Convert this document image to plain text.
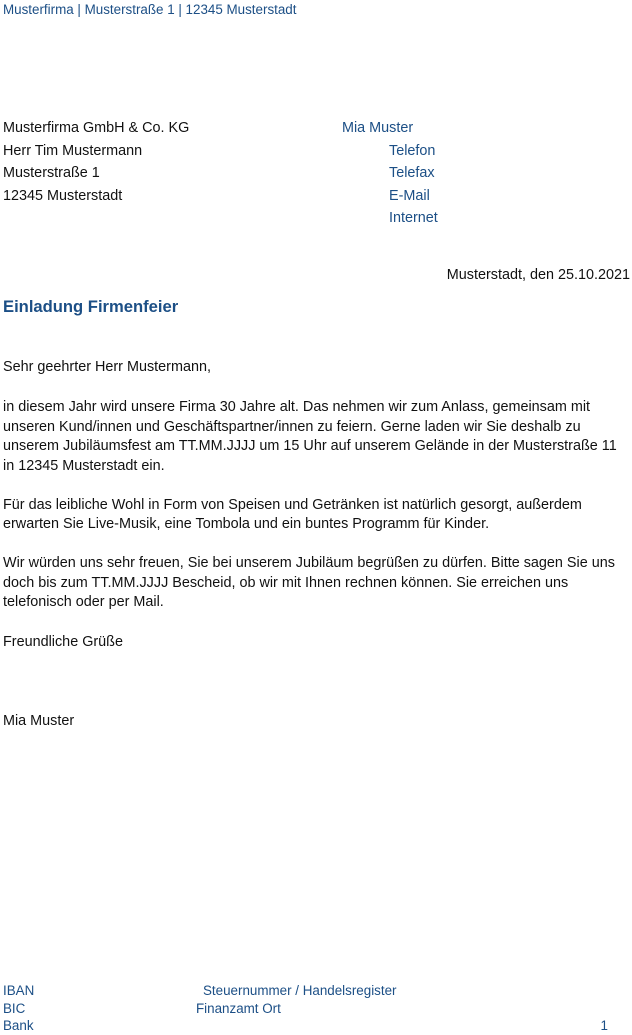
Musterfirma | Musterstraße 1 | 12345 Musterstadt
Musterfirma GmbH & Co. KG
Herr Tim Mustermann
Musterstraße 1
12345 Musterstadt
Mia Muster
Telefon
Telefax
E-Mail
Internet
Musterstadt, den 25.10.2021
Einladung Firmenfeier
Sehr geehrter Herr Mustermann,

in diesem Jahr wird unsere Firma 30 Jahre alt. Das nehmen wir zum Anlass, gemeinsam mit unseren Kund/innen und Geschäftspartner/innen zu feiern. Gerne laden wir Sie deshalb zu unserem Jubiläumsfest am TT.MM.JJJJ um 15 Uhr auf unserem Gelände in der Musterstraße 11 in 12345 Musterstadt ein.

Für das leibliche Wohl in Form von Speisen und Getränken ist natürlich gesorgt, außerdem erwarten Sie Live-Musik, eine Tombola und ein buntes Programm für Kinder.

Wir würden uns sehr freuen, Sie bei unserem Jubiläum begrüßen zu dürfen. Bitte sagen Sie uns doch bis zum TT.MM.JJJJ Bescheid, ob wir mit Ihnen rechnen können. Sie erreichen uns telefonisch oder per Mail.

Freundliche Grüße
Mia Muster
IBAN
BIC
Bank
Steuernummer / Handelsregister
Finanzamt Ort
1
